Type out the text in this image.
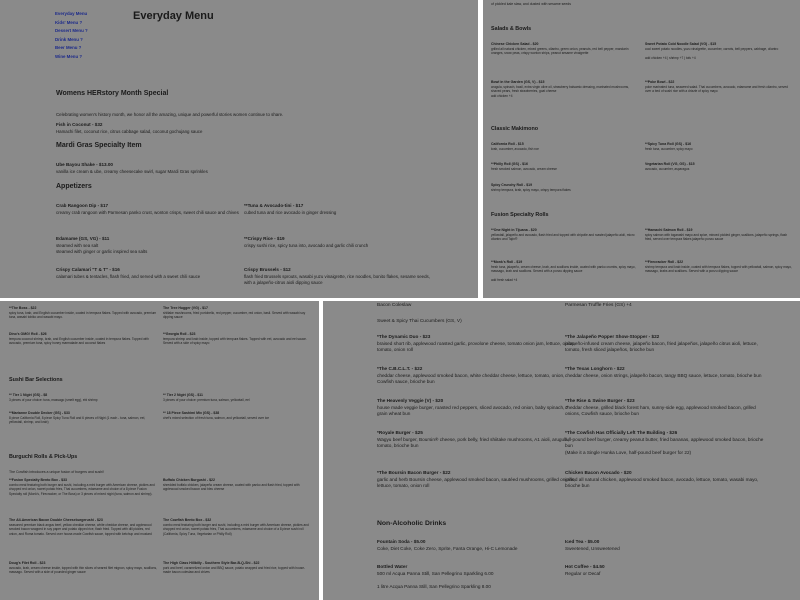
Everyday Menu
Kids' Menu ?
Dessert Menu ?
Drink Menu ?
Beer Menu ?
Wine Menu ?
Everyday Menu
Womens HERstory Month Special
Celebrating women's history month, we honor all the amazing, unique and powerful stories women continue to share.
Fish in Coconut - $32
Hamachi filet, coconut rice, citrus cabbage salad, coconut gochujang sauce
Mardi Gras Specialty Item
Ube Bayou Shake - $13.00
vanilla ice cream & ube, creamy cheesecake swirl, sugar Mardi Gras sprinkles
Appetizers
Crab Rangoon Dip - $17
creamy crab rangoon with Parmesan panko crust, wonton crisps, sweet chili sauce and chives
**Tuna & Avocado-tini - $17
cubed tuna and rice avocado in ginger dressing
Edamame (GS, VG) - $11
steamed with sea salt
steamed with ginger or garlic inspired sea salts
**Crispy Rice - $19
crispy sushi rice, spicy tuna into, avocado and garlic chili crunch
Crispy Calamari "T & T" - $16
calamari tubes & tentacles, flash fried, and served with a sweet chili sauce
Crispy Brussels - $12
flash fried Brussels sprouts, wasabi yuzu vinaigrette, rice noodles, bonito flakes, sesame seeds, with a jalapeño-citrus aioli dipping sauce
of pickled kale slaw, and dusted with sesame seeds
Salads & Bowls
Chinese Chicken Salad - $20
grilled all natural chicken, mixed greens, cilantro, green onion, peanuts, red bell pepper, mandarin oranges, snow peas, crispy wonton strips, peanut sesame vinaigrette
Sweet Potato Cold Noodle Salad (VG) - $15
cool sweet potato noodles, yuzu vinaigrette, cucumber, carrots, bell peppers, cabbage, cilantro

add chicken +4 | shrimp +7 | tofu +4
Bowl in the Garden (GS, V) - $15
arugula, spinach, basil, extra virgin olive oil, strawberry balsamic dressing, marinated mushrooms, shaved pears, fresh strawberries, goat cheese
add chicken +4
**Poke Bowl - $22
poke marinated tuna, seaweed salad. Thai cucumbers, avocado, edamame and fresh cilantro, served over a bed of sushi rice with a drizzle of spicy mayo
Classic Makimono
California Roll - $15
krab, cucumber, avocado, fish roe
**Spicy Tuna Roll (GS) - $16
fresh tuna, cucumber, spicy mayo
**Philly Roll (GS) - $16
fresh smoked salmon, avocado, cream cheese
Vegetarian Roll (VG, GS) - $15
avocado, cucumber, asparagus
Spicy Crunchy Roll - $19
shrimp tempura, krab, spicy mayo, crispy tempura flakes
Fusion Specialty Rolls
**One Night in Tijuana - $20
yellowtail, jalapeño and avocado, flash fried and topped with chipotle and roasted jalapeño aioli, micro cilantro and Tajín®
**Hamachi Salmon Roll - $19
spicy salmon with togarashi mayo and spice, minced pickled ginger, scallions, jalapeño springs, flash fried, served over tempura flakes jalapeño ponzu sauce
**Monk's Roll - $19
fresh tuna, jalapeño, cream cheese, krab, and scallions inside, coated with panko crumbs, spicy mayo, massago, krab and scallions. Served with a ponzu dipping sauce

add fresh salad +4
**Firecracker Roll - $22
shrimp tempura and krab inside, coated with tempura flakes, topped with yellowtail, salmon, spicy mayo, massago, krabs and scallions. Served with a ponzu dipping sauce
**The Boss - $22
spicy tuna, krab, and English cucumber inside, coated in tempura flakes. Topped with avocado, premium tuna, wasabi tobiko and wasabi mayo.
The Tree Hugger (VG) - $17
shiitake mushrooms, fried portobello, red pepper, cucumber, red onion, basil. Served with wasabi soy dipping sauce
Dino's OMG! Roll - $26
tempura coconut shrimp, krab, and English cucumber inside, coated in tempura flakes. Topped with avocado, premium tuna, spicy honey marmalade and coconut flakes
**Georgia Roll - $23
tempura shrimp and krab inside, topped with tempura flakes. Topped with eel, avocado and eel sauce. Served with a side of spicy mayo
Sushi Bar Selections
** Tier 1 Nigiri (GS) - $8
3 pieces of your choice: tuna, massago (smelt egg), ebi shrimp
** Tier 2 Nigiri (GS) - $11
3 pieces of your choice: premium tuna, salmon, yellowtail, eel
**Marianne Double Decker (GS) - $33
8 piece California Roll, 8 piece Spicy Tuna Roll and 6 pieces of Nigiri (1 each - tuna, salmon, eel, yellowtail, shrimp, and krab)
** 18 Piece Sashimi Mix (GS) - $38
chef's mixed selection of fresh tuna, salmon, and yellowtail, served over ice
Burguchi Rolls & Pick-Ups
The Cowfish introduces a unique fusion of burgers and sushi!
**Fusion Specialty Bento Box - $33
combo meal featuring both burger and sushi, including a mini burger with American cheese, pickles and chopped red onion, sweet potato fries, Thai cucumbers, edamame and choice of a 8 piece Fusion Specialty roll (Monk's, Firecracker, or The Boss) or 3 pieces of mixed nigiri (tuna, salmon and shrimp).
Buffalo Chicken Burgushi - $22
shredded buffalo chicken, jalapeño cream cheese, coated with panko and flash fried, topped with applewood smoked bacon and bleu cheese
The All-American Bacon Double Cheeseburgerushi - $23
seasoned premium black angus beef, yellow cheddar cheese, white cheddar cheese, and applewood smoked bacon wrapped in soy paper and potato dipped rice, flash fried. Topped with dill pickles, red onion, and Roma tomato. Served over house-made Cowfish sauce, topped with ketchup and mustard
The Cowfish Bento Box - $32
combo meal featuring both burger and sushi, including a mini burger with American cheese, pickles and chopped red onion, sweet potato fries, Thai cucumbers, edamame and choice of a 8 piece sushi roll (California, Spicy Tuna, Vegetarian or Philly Roll)
Doug's Filet Roll - $23
avocado, krab, cream cheese inside, topped with thin slices of seared filet mignon, spicy mayo, scallions, massago. Served with a side of pounded ginger sauce
The High Class Hillbilly - Southern Style Bar-B-Q-Shi - $22
pork and beef, caramelized onion and BBQ sauce, potato wrapped and fried rice, topped with house-made bacon coleslaw and chives
Bacon Coleslaw	Parmesan Truffle Fries (GS) +4
Sweet & Spicy Thai Cucumbers (GS, V)
*The Dynamic Duo - $23
braised short rib, applewood roasted garlic, provolone cheese, tomato onion jam, lettuce, onion, tomato, onion roll
*The Jalapeño Popper Show-Stopper - $22
jalapeño-infused cream cheese, jalapeño bacon, fried jalapeños, jalapeño citrus aioli, lettuce, tomato, fresh sliced jalapeños, brioche bun
*The C.B.C.L.T. - $22
cheddar cheese, applewood smoked bacon, white cheddar cheese, lettuce, tomato, onion, Cowfish sauce, brioche bun
*The Texas Longhorn - $22
cheddar cheese, onion strings, jalapeño bacon, tangy BBQ sauce, lettuce, tomato, brioche bun
The Heavenly Veggie (V) - $20
house made veggie burger, roasted red peppers, sliced avocado, red onion, baby spinach, 7 grain wheat bun
*The Rise & Swine Burger - $23
cheddar cheese, grilled black forest ham, sunny-side egg, applewood smoked bacon, grilled onions, Cowfish sauce, brioche bun
*Royale Burger - $25
Wagyu beef burger, Boursin® cheese, pork belly, fried shiitake mushrooms, A1 aioli, arugula, tomato, brioche bun
*The Cowfish Has Officially Left The Building - $26
full-pound beef burger, creamy peanut butter, fried bananas, applewood smoked bacon, brioche bun
(Make it a Single Hunka Love, half-pound beef burger for 22)
*The Boursin Bacon Burger - $22
garlic and herb Boursin cheese, applewood smoked bacon, sautéed mushrooms, grilled onions, lettuce, tomato, onion roll
Chicken Bacon Avocado - $20
grilled all natural chicken, applewood smoked bacon, avocado, lettuce, tomato, wasabi mayo, brioche bun
Non-Alcoholic Drinks
Fountain Soda - $5.00
Coke, Diet Coke, Coke Zero, Sprite, Fanta Orange, Hi-C Lemonade
Iced Tea - $5.00
Sweetened, Unsweetened
Bottled Water
500 ml Acqua Panna Still, San Pellegrino Sparkling 6.00

1 litre Acqua Panna Still, San Pellegrino Sparkling 8.00
Hot Coffee - $4.50
Regular or Decaf
